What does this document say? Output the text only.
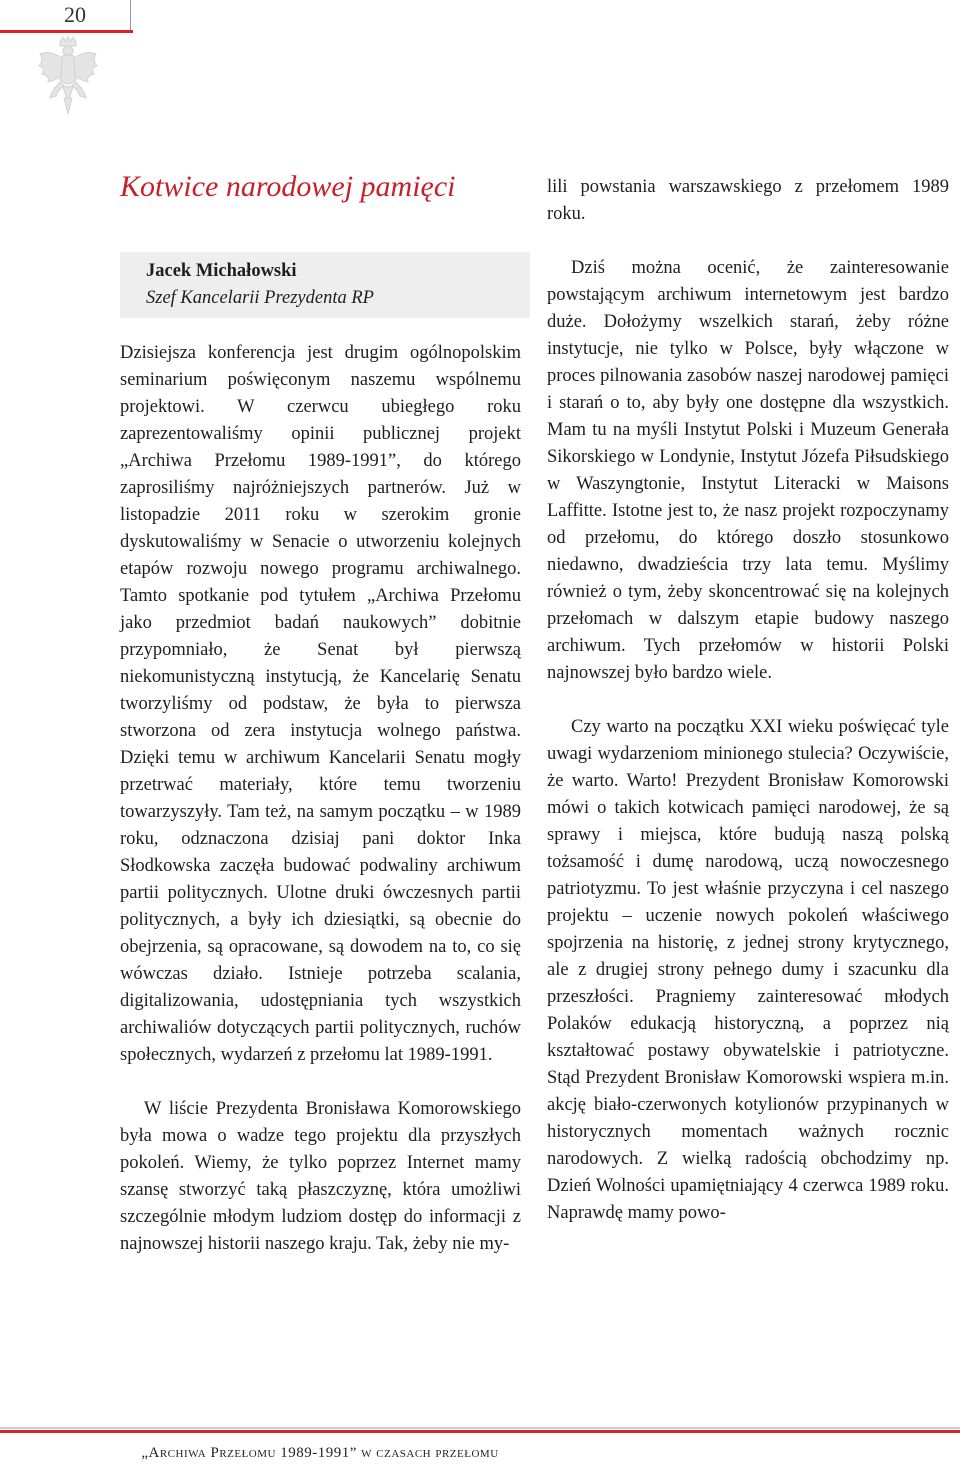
20
Kotwice narodowej pamięci
Jacek Michałowski
Szef Kancelarii Prezydenta RP

Dzisiejsza konferencja jest drugim ogólnopolskim seminarium poświęconym naszemu wspólnemu projektowi. W czerwcu ubiegłego roku zaprezentowaliśmy opinii publicznej projekt „Archiwa Przełomu 1989-1991”, do którego zaprosiliśmy najróżniejszych partnerów. Już w listopadzie 2011 roku w szerokim gronie dyskutowaliśmy w Senacie o utworzeniu kolejnych etapów rozwoju nowego programu archiwalnego. Tamto spotkanie pod tytułem „Archiwa Przełomu jako przedmiot badań naukowych” dobitnie przypomniało, że Senat był pierwszą niekomunistyczną instytucją, że Kancelarię Senatu tworzyliśmy od podstaw, że była to pierwsza stworzona od zera instytucja wolnego państwa. Dzięki temu w archiwum Kancelarii Senatu mogły przetrwać materiały, które temu tworzeniu towarzyszyły. Tam też, na samym początku – w 1989 roku, odznaczona dzisiaj pani doktor Inka Słodkowska zaczęła budować podwaliny archiwum partii politycznych. Ulotne druki ówczesnych partii politycznych, a były ich dziesiątki, są obecnie do obejrzenia, są opracowane, są dowodem na to, co się wówczas działo. Istnieje potrzeba scalania, digitalizowania, udostępniania tych wszystkich archiwaliów dotyczących partii politycznych, ruchów społecznych, wydarzeń z przełomu lat 1989-1991.

W liście Prezydenta Bronisława Komorowskiego była mowa o wadze tego projektu dla przyszłych pokoleń. Wiemy, że tylko poprzez Internet mamy szansę stworzyć taką płaszczyznę, która umożliwi szczególnie młodym ludziom dostęp do informacji z najnowszej historii naszego kraju. Tak, żeby nie my-

lili powstania warszawskiego z przełomem 1989 roku.

Dziś można ocenić, że zainteresowanie powstającym archiwum internetowym jest bardzo duże. Dołożymy wszelkich starań, żeby różne instytucje, nie tylko w Polsce, były włączone w proces pilnowania zasobów naszej narodowej pamięci i starań o to, aby były one dostępne dla wszystkich. Mam tu na myśli Instytut Polski i Muzeum Generała Sikorskiego w Londynie, Instytut Józefa Piłsudskiego w Waszyngtonie, Instytut Literacki w Maisons Laffitte. Istotne jest to, że nasz projekt rozpoczynamy od przełomu, do którego doszło stosunkowo niedawno, dwadzieścia trzy lata temu. Myślimy również o tym, żeby skoncentrować się na kolejnych przełomach w dalszym etapie budowy naszego archiwum. Tych przełomów w historii Polski najnowszej było bardzo wiele.

Czy warto na początku XXI wieku poświęcać tyle uwagi wydarzeniom minionego stulecia? Oczywiście, że warto. Warto! Prezydent Bronisław Komorowski mówi o takich kotwicach pamięci narodowej, że są sprawy i miejsca, które budują naszą polską tożsamość i dumę narodową, uczą nowoczesnego patriotyzmu. To jest właśnie przyczyna i cel naszego projektu – uczenie nowych pokoleń właściwego spojrzenia na historię, z jednej strony krytycznego, ale z drugiej strony pełnego dumy i szacunku dla przeszłości. Pragniemy zainteresować młodych Polaków edukacją historyczną, a poprzez nią kształtować postawy obywatelskie i patriotyczne. Stąd Prezydent Bronisław Komorowski wspiera m.in. akcję biało-czerwonych kotylionów przypinanych w historycznych momentach ważnych rocznic narodowych. Z wielką radością obchodzimy np. Dzień Wolności upamiętniający 4 czerwca 1989 roku. Naprawdę mamy powo-

„Archiwa Przełomu 1989-1991” w czasach przełomu
